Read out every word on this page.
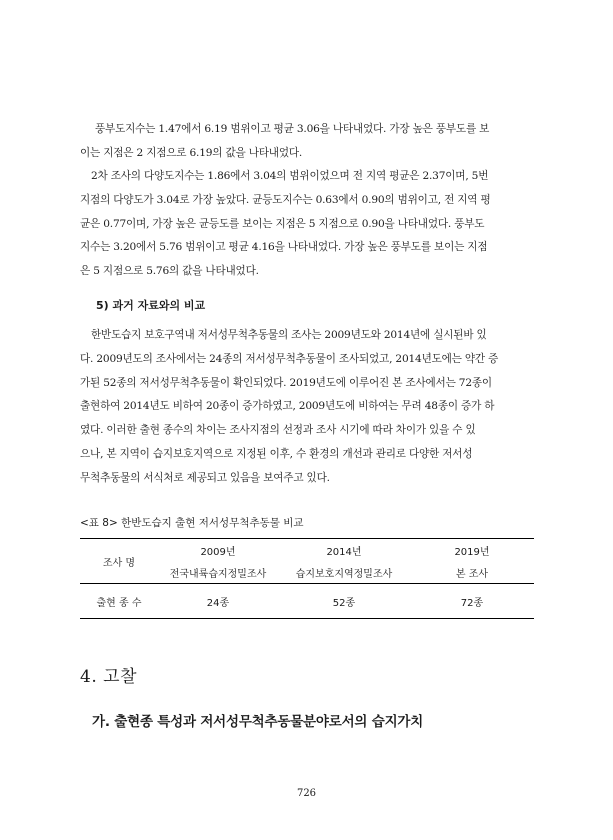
풍부도지수는 1.47에서 6.19 범위이고 평균 3.06을 나타내었다. 가장 높은 풍부도를 보
이는 지점은 2 지점으로 6.19의 값을 나타내었다.

2차 조사의 다양도지수는 1.86에서 3.04의 범위이었으며 전 지역 평균은 2.37이며, 5번
지점의 다양도가 3.04로 가장 높았다. 균등도지수는 0.63에서 0.90의 범위이고, 전 지역 평
균은 0.77이며, 가장 높은 균등도를 보이는 지점은 5 지점으로 0.90을 나타내었다. 풍부도
지수는 3.20에서 5.76 범위이고 평균 4.16을 나타내었다. 가장 높은 풍부도를 보이는 지점
은 5 지점으로 5.76의 값을 나타내었다.

5) 과거 자료와의 비교

한반도습지 보호구역내 저서성무척추동물의 조사는 2009년도와 2014년에 실시된바 있
다. 2009년도의 조사에서는 24종의 저서성무척추동물이 조사되었고, 2014년도에는 약간 증
가된 52종의 저서성무척추동물이 확인되었다. 2019년도에 이루어진 본 조사에서는 72종이
출현하여 2014년도 비하여 20종이 증가하였고, 2009년도에 비하여는 무려 48종이 증가 하
였다. 이러한 출현 종수의 차이는 조사지점의 선정과 조사 시기에 따라 차이가 있을 수 있
으나, 본 지역이 습지보호지역으로 지정된 이후, 수 환경의 개선과 관리로 다양한 저서성
무척추동물의 서식처로 제공되고 있음을 보여주고 있다.

<표 8> 한반도습지 출현 저서성무척추동물 비교
조사 명	2009년	2014년	2019년
	전국내륙습지정밀조사	습지보호지역정밀조사	본 조사
출현 종 수	24종	52종	72종
4. 고찰
가. 출현종 특성과 저서성무척추동물분야로서의 습지가치
726
